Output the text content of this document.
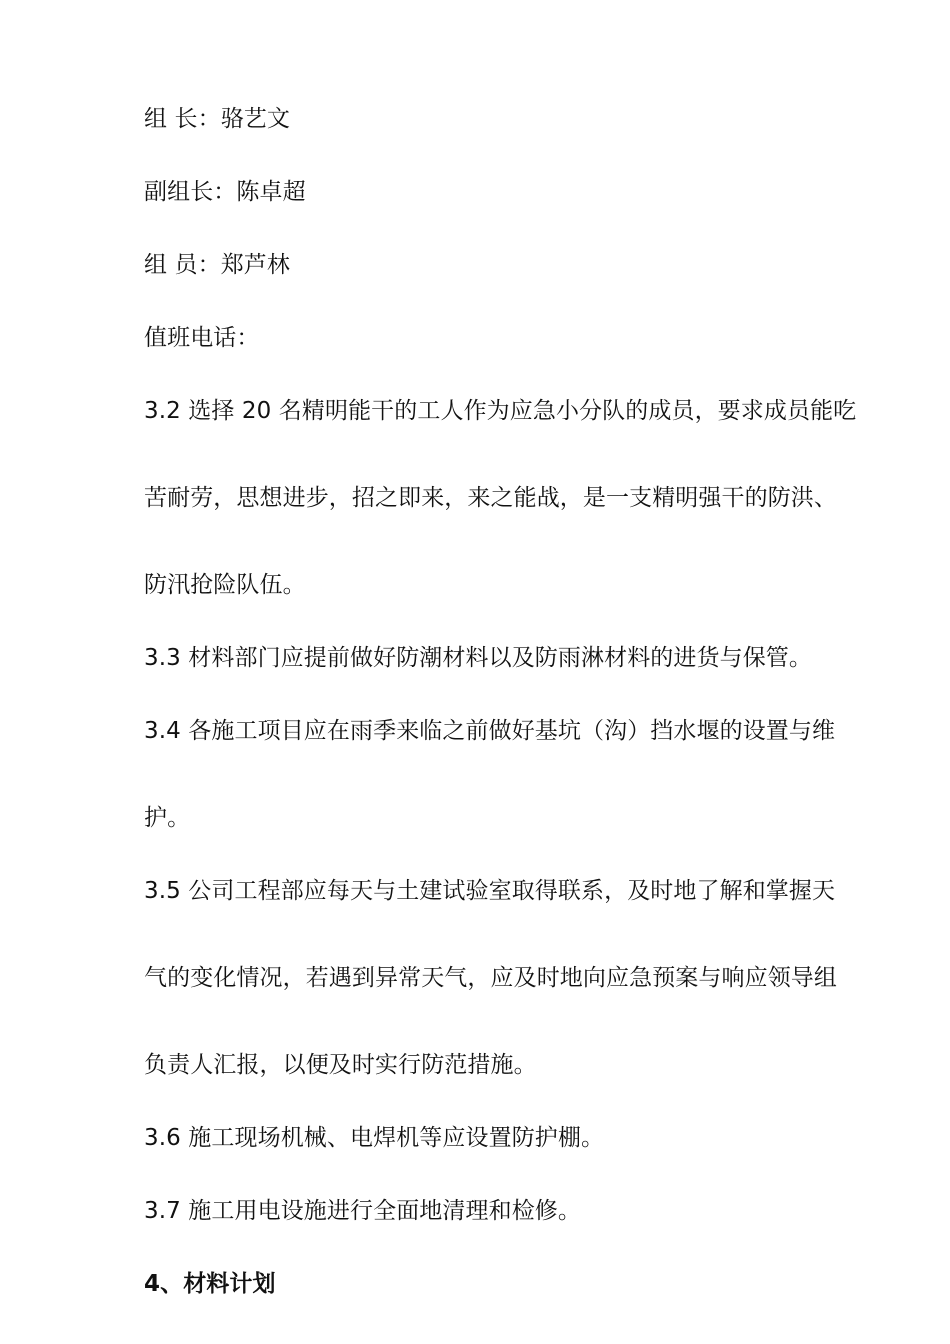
组 长：骆艺文
副组长：陈卓超
组 员：郑芦林
值班电话：
3.2 选择 20 名精明能干的工人作为应急小分队的成员，要求成员能吃
苦耐劳，思想进步，招之即来，来之能战，是一支精明强干的防洪、
防汛抢险队伍。
3.3 材料部门应提前做好防潮材料以及防雨淋材料的进货与保管。
3.4 各施工项目应在雨季来临之前做好基坑（沟）挡水堰的设置与维
护。
3.5 公司工程部应每天与土建试验室取得联系，及时地了解和掌握天
气的变化情况，若遇到异常天气，应及时地向应急预案与响应领导组
负责人汇报，以便及时实行防范措施。
3.6 施工现场机械、电焊机等应设置防护棚。
3.7 施工用电设施进行全面地清理和检修。
4、材料计划
